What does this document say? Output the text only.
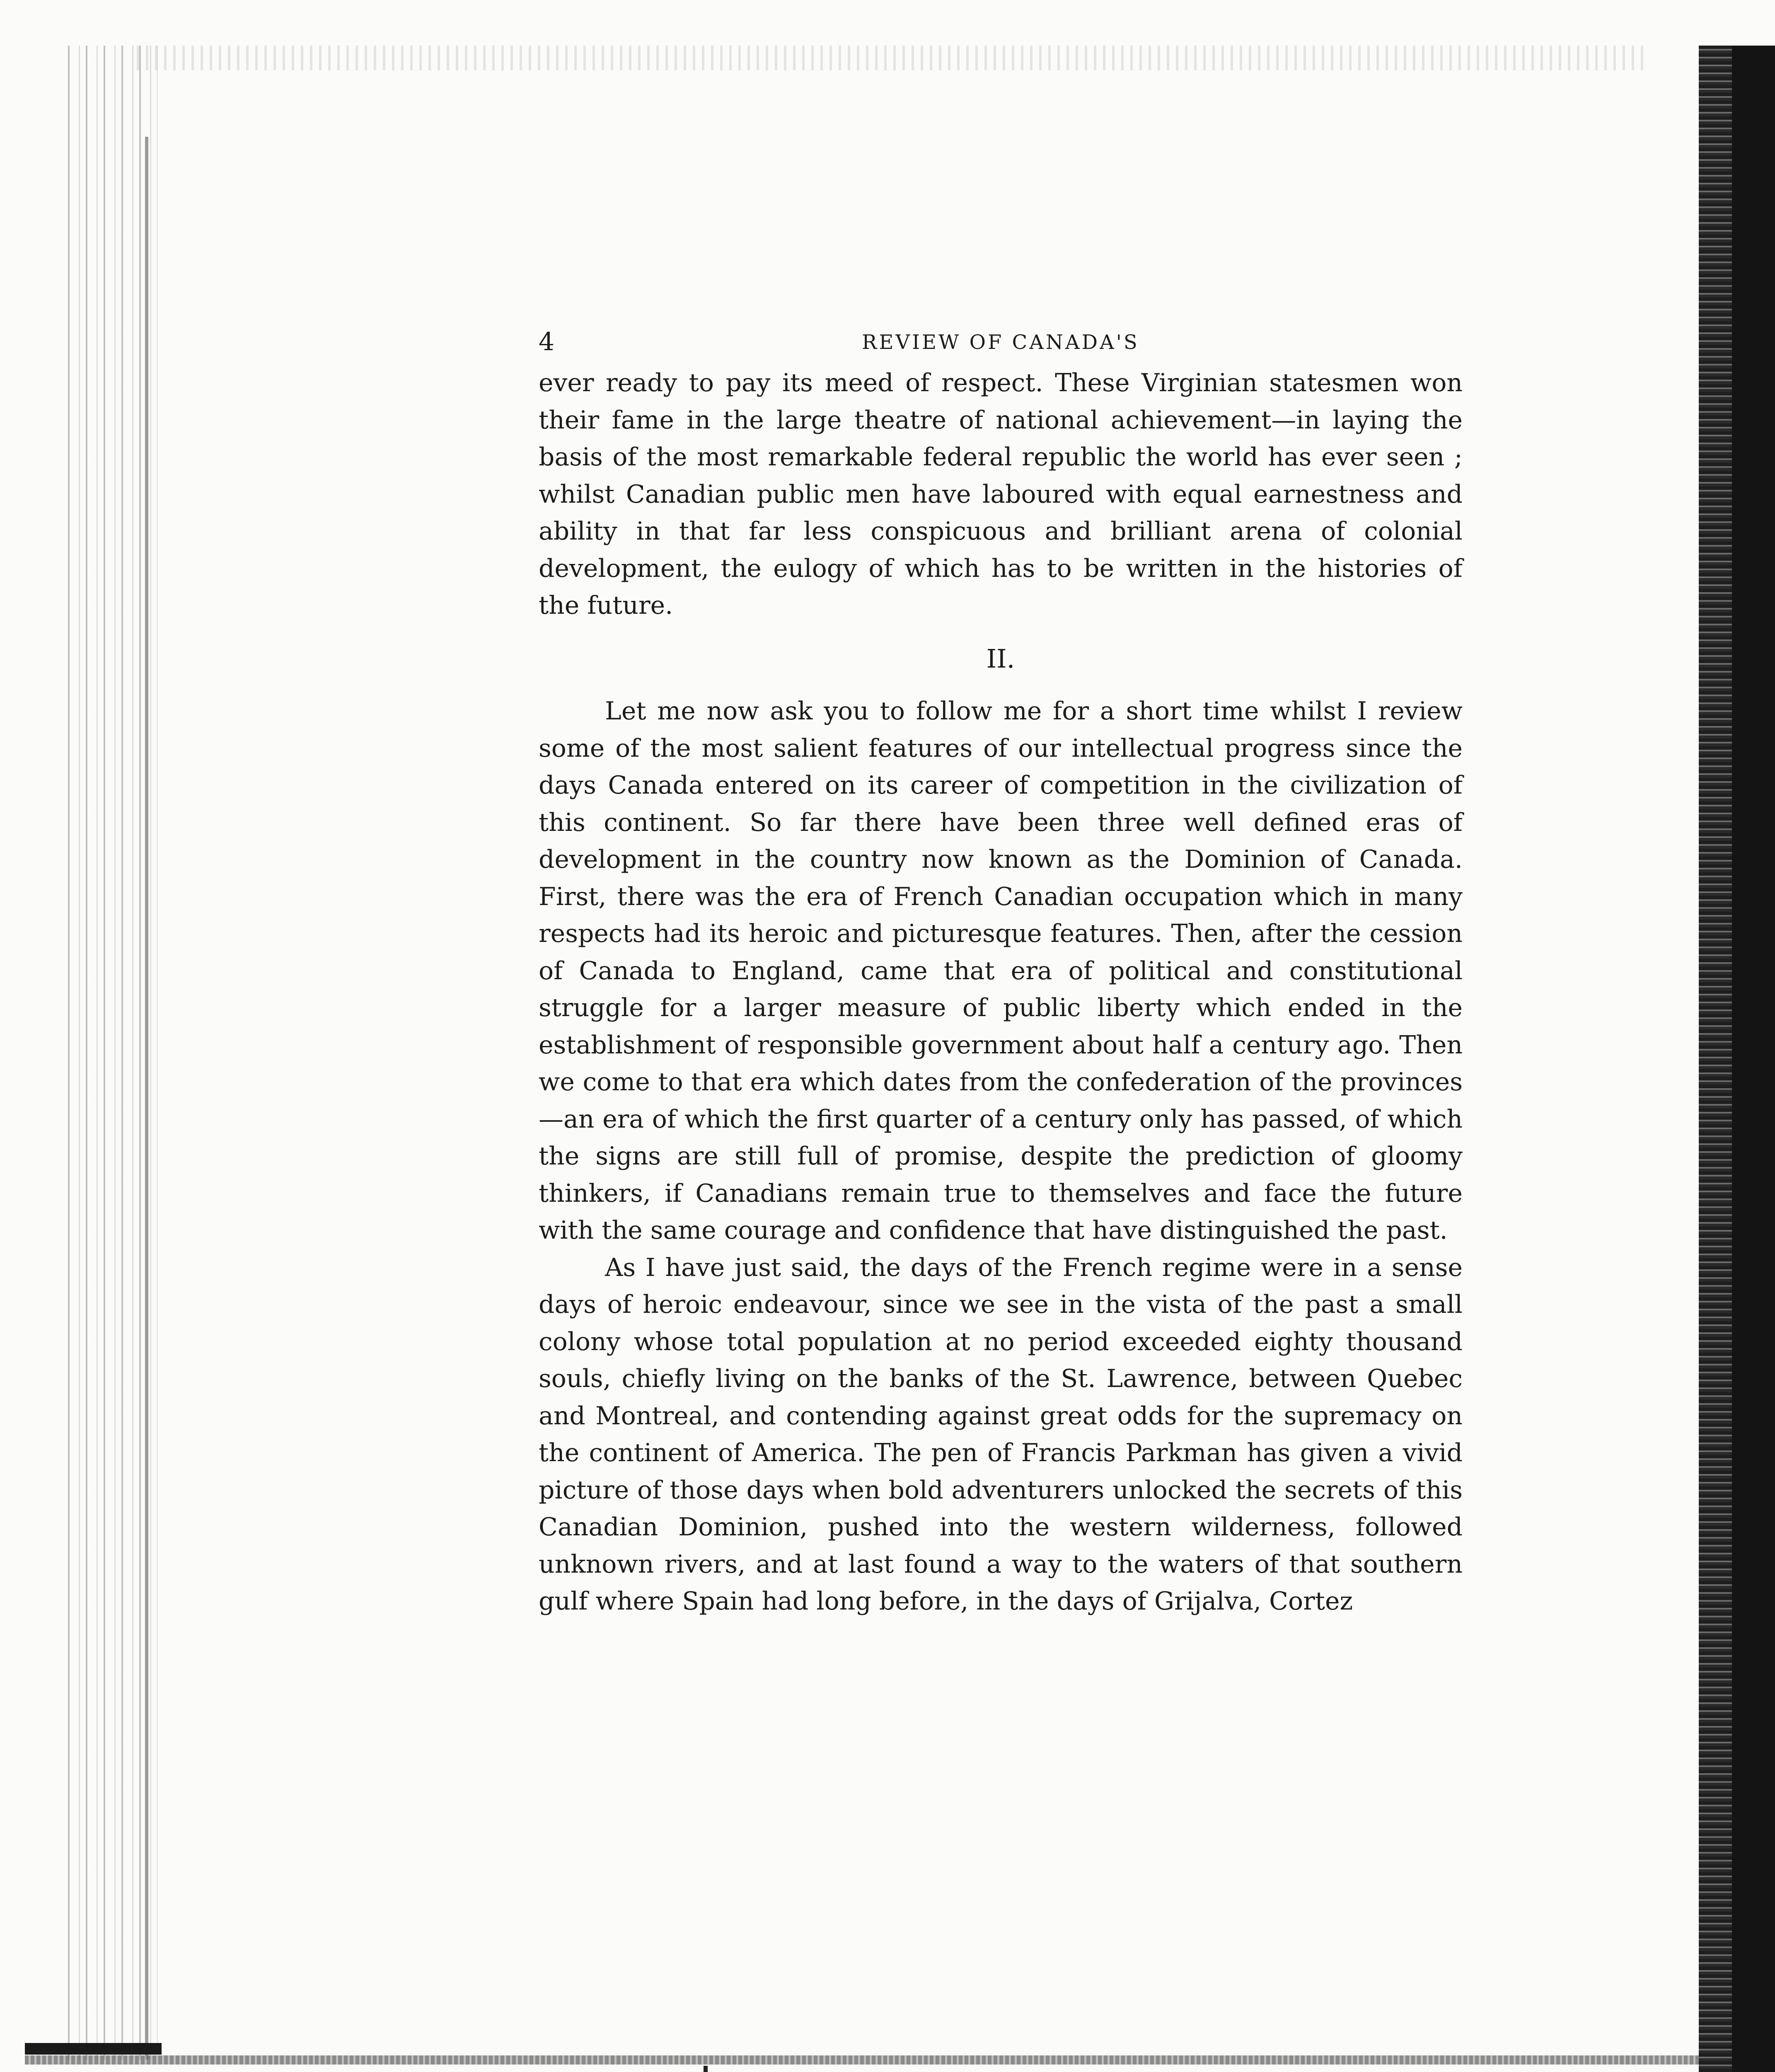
4	REVIEW OF CANADA'S

ever ready to pay its meed of respect. These Virginian statesmen won their fame in the large theatre of national achievement—in laying the basis of the most remarkable federal republic the world has ever seen ; whilst Canadian public men have laboured with equal earnestness and ability in that far less conspicuous and brilliant arena of colonial development, the eulogy of which has to be written in the histories of the future.

II.

Let me now ask you to follow me for a short time whilst I review some of the most salient features of our intellectual progress since the days Canada entered on its career of competition in the civilization of this continent. So far there have been three well defined eras of development in the country now known as the Dominion of Canada. First, there was the era of French Canadian occupation which in many respects had its heroic and picturesque features. Then, after the cession of Canada to England, came that era of political and constitutional struggle for a larger measure of public liberty which ended in the establishment of responsible government about half a century ago. Then we come to that era which dates from the confederation of the provinces—an era of which the first quarter of a century only has passed, of which the signs are still full of promise, despite the prediction of gloomy thinkers, if Canadians remain true to themselves and face the future with the same courage and confidence that have distinguished the past.

As I have just said, the days of the French regime were in a sense days of heroic endeavour, since we see in the vista of the past a small colony whose total population at no period exceeded eighty thousand souls, chiefly living on the banks of the St. Lawrence, between Quebec and Montreal, and contending against great odds for the supremacy on the continent of America. The pen of Francis Parkman has given a vivid picture of those days when bold adventurers unlocked the secrets of this Canadian Dominion, pushed into the western wilderness, followed unknown rivers, and at last found a way to the waters of that southern gulf where Spain had long before, in the days of Grijalva, Cortez
